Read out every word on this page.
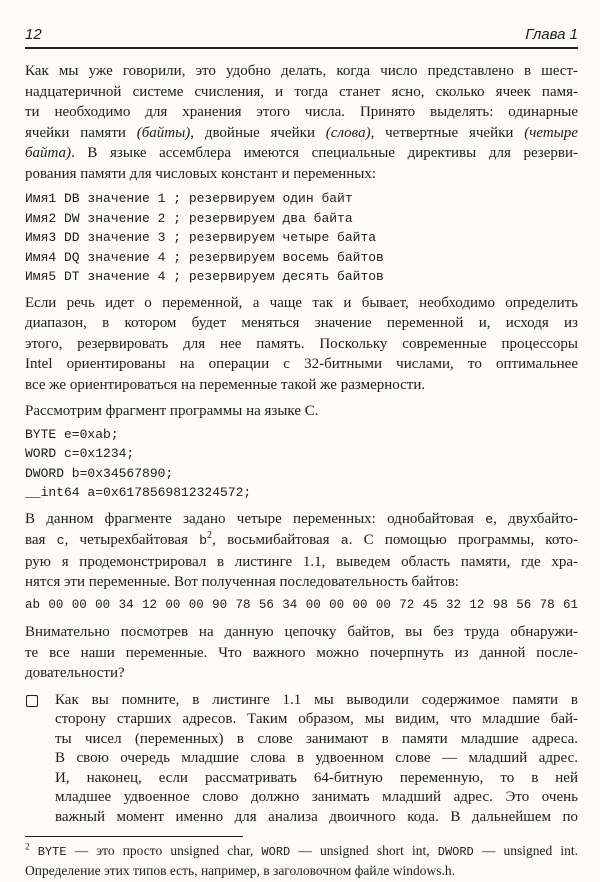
12	Глава 1
Как мы уже говорили, это удобно делать, когда число представлено в шест-
надцатеричной системе счисления, и тогда станет ясно, сколько ячеек памя-
ти необходимо для хранения этого числа. Принято выделять: одинарные
ячейки памяти (байты), двойные ячейки (слова), четвертные ячейки (четыре
байта). В языке ассемблера имеются специальные директивы для резерви-
рования памяти для числовых констант и переменных:
Имя1 DB значение 1 ; резервируем один байт
Имя2 DW значение 2 ; резервируем два байта
Имя3 DD значение 3 ; резервируем четыре байта
Имя4 DQ значение 4 ; резервируем восемь байтов
Имя5 DT значение 4 ; резервируем десять байтов
Если речь идет о переменной, а чаще так и бывает, необходимо определить
диапазон, в котором будет меняться значение переменной и, исходя из
этого, резервировать для нее память. Поскольку современные процессоры
Intel ориентированы на операции с 32-битными числами, то оптимальнее
все же ориентироваться на переменные такой же размерности.
Рассмотрим фрагмент программы на языке C.
BYTE e=0xab;
WORD c=0x1234;
DWORD b=0x34567890;
__int64 a=0x6178569812324572;
В данном фрагменте задано четыре переменных: однобайтовая e, двухбайто-
вая c, четырехбайтовая $b^2$, восьмибайтовая a. С помощью программы, кото-
рую я продемонстрировал в листинге 1.1, выведем область памяти, где хра-
нятся эти переменные. Вот полученная последовательность байтов:
ab 00 00 00 34 12 00 00 90 78 56 34 00 00 00 00 72 45 32 12 98 56 78 61
Внимательно посмотрев на данную цепочку байтов, вы без труда обнаружи-
те все наши переменные. Что важного можно почерпнуть из данной после-
довательности?
Как вы помните, в листинге 1.1 мы выводили содержимое памяти в
сторону старших адресов. Таким образом, мы видим, что младшие бай-
ты чисел (переменных) в слове занимают в памяти младшие адреса.
В свою очередь младшие слова в удвоенном слове — младший адрес.
И, наконец, если рассматривать 64-битную переменную, то в ней
младшее удвоенное слово должно занимать младший адрес. Это очень
важный момент именно для анализа двоичного кода. В дальнейшем по
$^2$ BYTE — это просто unsigned char, WORD — unsigned short int, DWORD — unsigned int.
Определение этих типов есть, например, в заголовочном файле windows.h.
